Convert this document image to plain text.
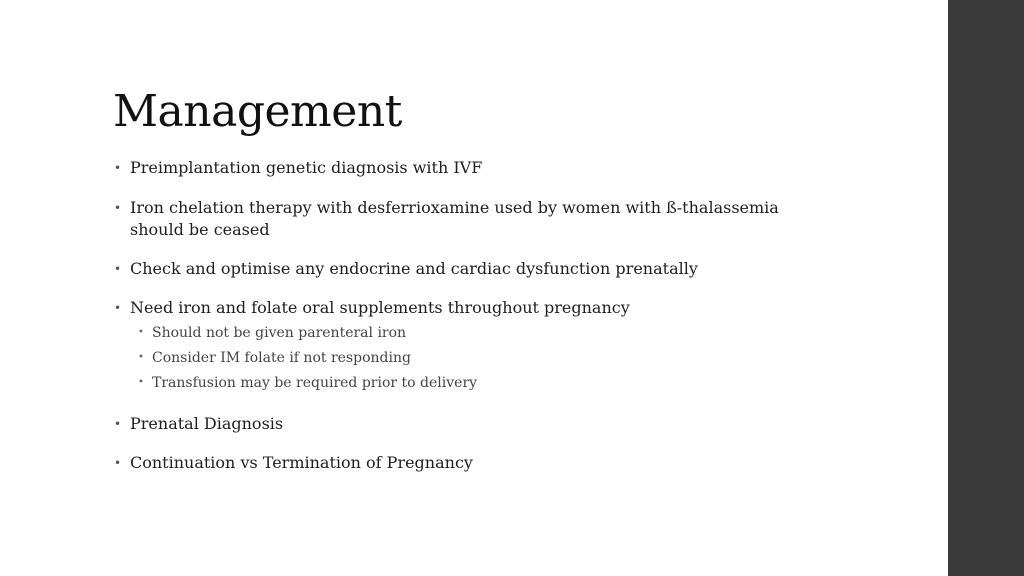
Management
• Preimplantation genetic diagnosis with IVF
• Iron chelation therapy with desferrioxamine used by women with ß-thalassemia should be ceased
• Check and optimise any endocrine and cardiac dysfunction prenatally
• Need iron and folate oral supplements throughout pregnancy
• Should not be given parenteral iron
• Consider IM folate if not responding
• Transfusion may be required prior to delivery
• Prenatal Diagnosis
• Continuation vs Termination of Pregnancy
